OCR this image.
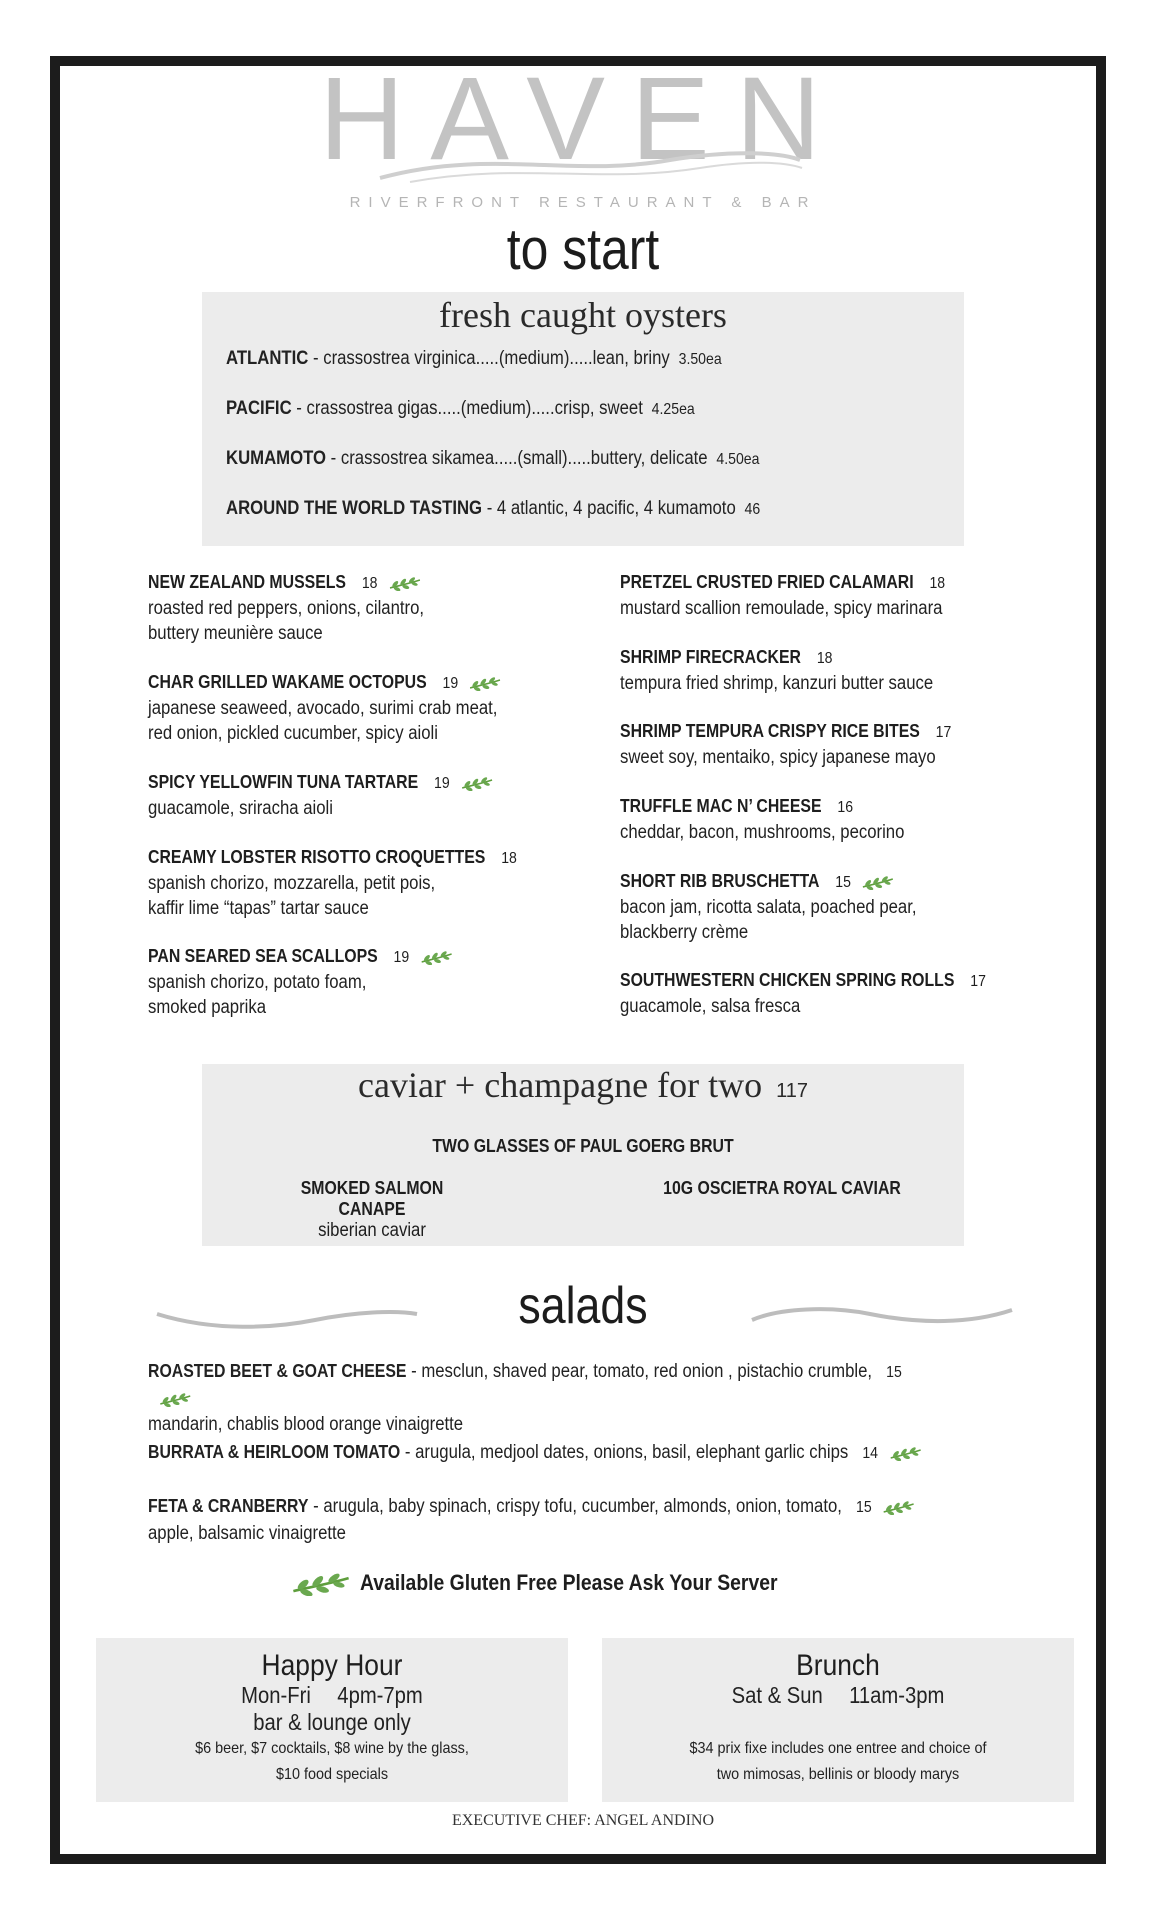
HAVEN
RIVERFRONT RESTAURANT & BAR
to start
fresh caught oysters
ATLANTIC - crassostrea virginica.....(medium).....lean, briny 3.50ea
PACIFIC - crassostrea gigas.....(medium).....crisp, sweet 4.25ea
KUMAMOTO - crassostrea sikamea.....(small).....buttery, delicate 4.50ea
AROUND THE WORLD TASTING - 4 atlantic, 4 pacific, 4 kumamoto 46
NEW ZEALAND MUSSELS 18
roasted red peppers, onions, cilantro,
buttery meunière sauce
CHAR GRILLED WAKAME OCTOPUS 19
japanese seaweed, avocado, surimi crab meat,
red onion, pickled cucumber, spicy aioli
SPICY YELLOWFIN TUNA TARTARE 19
guacamole, sriracha aioli
CREAMY LOBSTER RISOTTO CROQUETTES 18
spanish chorizo, mozzarella, petit pois,
kaffir lime “tapas” tartar sauce
PAN SEARED SEA SCALLOPS 19
spanish chorizo, potato foam,
smoked paprika
PRETZEL CRUSTED FRIED CALAMARI 18
mustard scallion remoulade, spicy marinara
SHRIMP FIRECRACKER 18
tempura fried shrimp, kanzuri butter sauce
SHRIMP TEMPURA CRISPY RICE BITES 17
sweet soy, mentaiko, spicy japanese mayo
TRUFFLE MAC N’ CHEESE 16
cheddar, bacon, mushrooms, pecorino
SHORT RIB BRUSCHETTA 15
bacon jam, ricotta salata, poached pear,
blackberry crème
SOUTHWESTERN CHICKEN SPRING ROLLS 17
guacamole, salsa fresca
caviar + champagne for two 117
TWO GLASSES OF PAUL GOERG BRUT
SMOKED SALMON CANAPE
siberian caviar
10G OSCIETRA ROYAL CAVIAR
salads
ROASTED BEET & GOAT CHEESE - mesclun, shaved pear, tomato, red onion , pistachio crumble, 15
mandarin, chablis blood orange vinaigrette
BURRATA & HEIRLOOM TOMATO - arugula, medjool dates, onions, basil, elephant garlic chips 14
FETA & CRANBERRY - arugula, baby spinach, crispy tofu, cucumber, almonds, onion, tomato, 15
apple, balsamic vinaigrette
Available Gluten Free Please Ask Your Server
Happy Hour
Mon-Fri 4pm-7pm
bar & lounge only
$6 beer, $7 cocktails, $8 wine by the glass,
$10 food specials
Brunch
Sat & Sun 11am-3pm
$34 prix fixe includes one entree and choice of
two mimosas, bellinis or bloody marys
EXECUTIVE CHEF: ANGEL ANDINO
